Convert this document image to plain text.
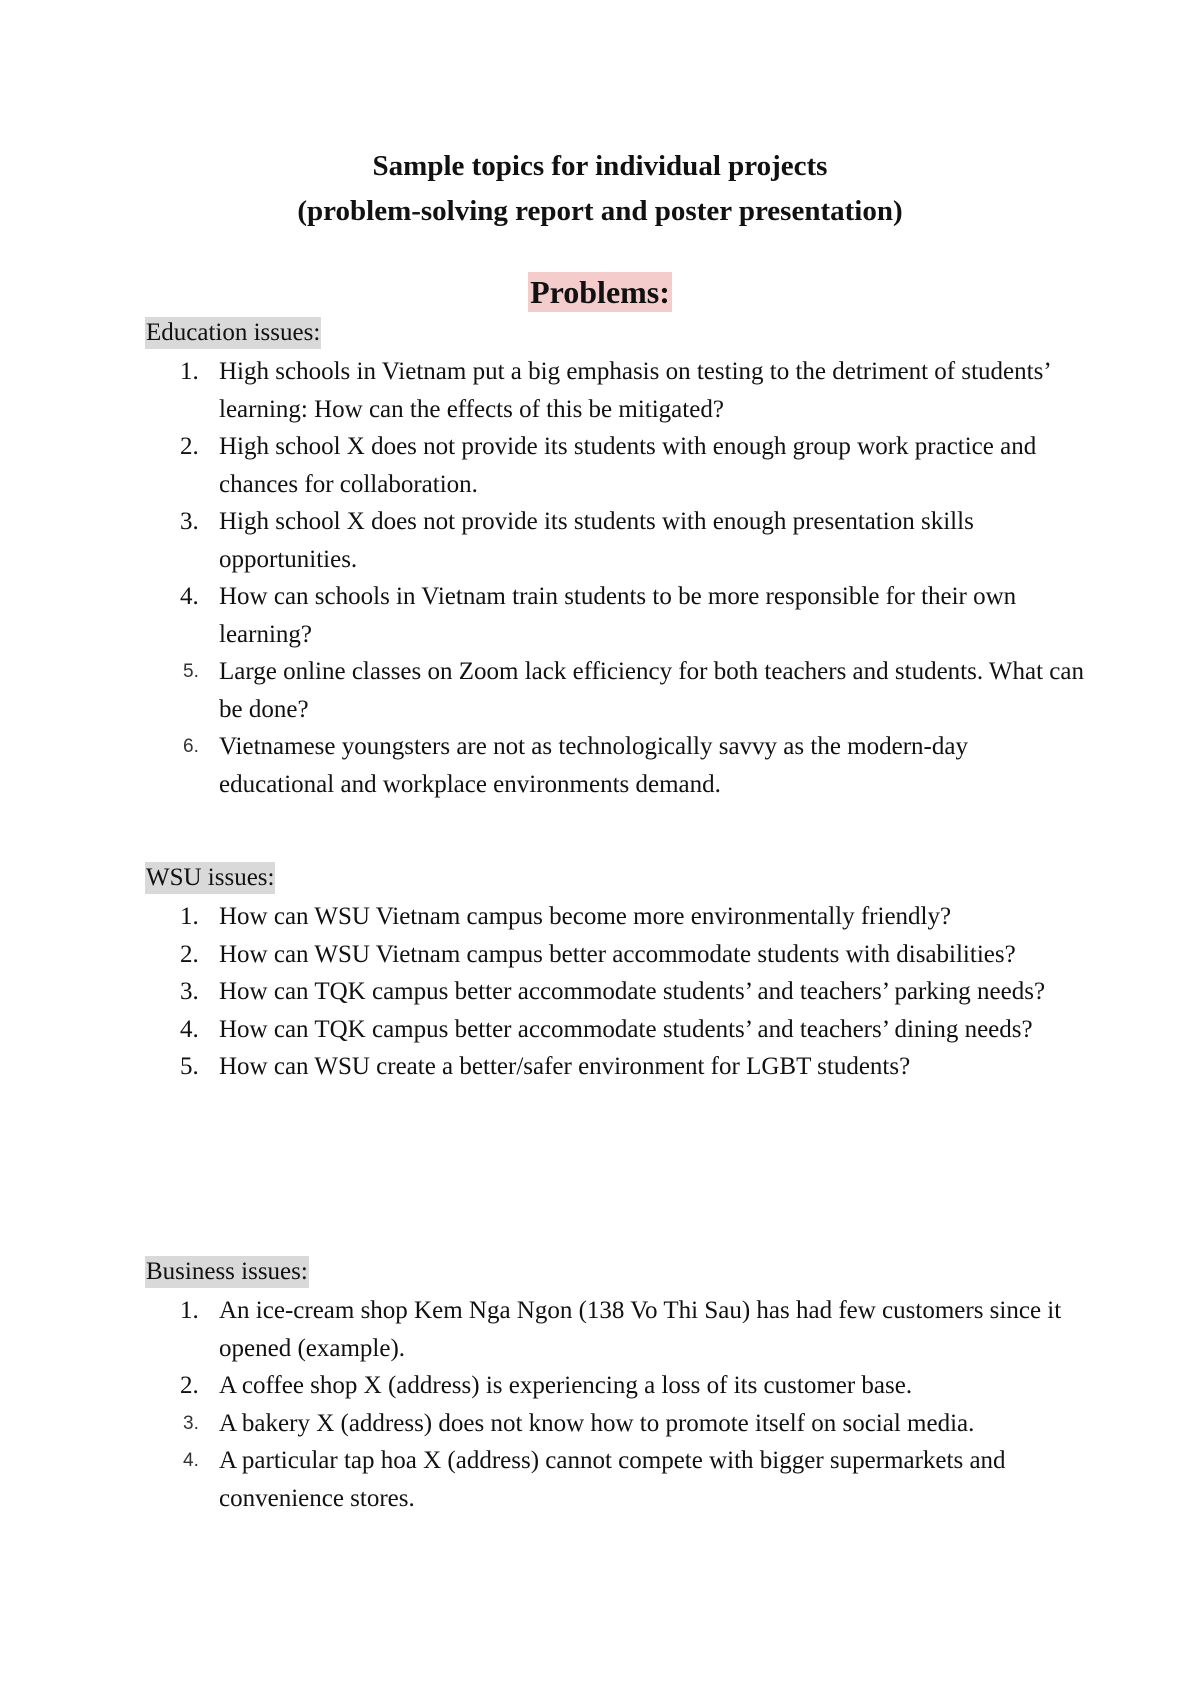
Sample topics for individual projects
(problem-solving report and poster presentation)
Problems:
Education issues:
1. High schools in Vietnam put a big emphasis on testing to the detriment of students’ learning: How can the effects of this be mitigated?
2. High school X does not provide its students with enough group work practice and chances for collaboration.
3. High school X does not provide its students with enough presentation skills opportunities.
4. How can schools in Vietnam train students to be more responsible for their own learning?
5. Large online classes on Zoom lack efficiency for both teachers and students. What can be done?
6. Vietnamese youngsters are not as technologically savvy as the modern-day educational and workplace environments demand.
WSU issues:
1. How can WSU Vietnam campus become more environmentally friendly?
2. How can WSU Vietnam campus better accommodate students with disabilities?
3. How can TQK campus better accommodate students’ and teachers’ parking needs?
4. How can TQK campus better accommodate students’ and teachers’ dining needs?
5. How can WSU create a better/safer environment for LGBT students?
Business issues:
1. An ice-cream shop Kem Nga Ngon (138 Vo Thi Sau) has had few customers since it opened (example).
2. A coffee shop X (address) is experiencing a loss of its customer base.
3. A bakery X (address) does not know how to promote itself on social media.
4. A particular tap hoa X (address) cannot compete with bigger supermarkets and convenience stores.
